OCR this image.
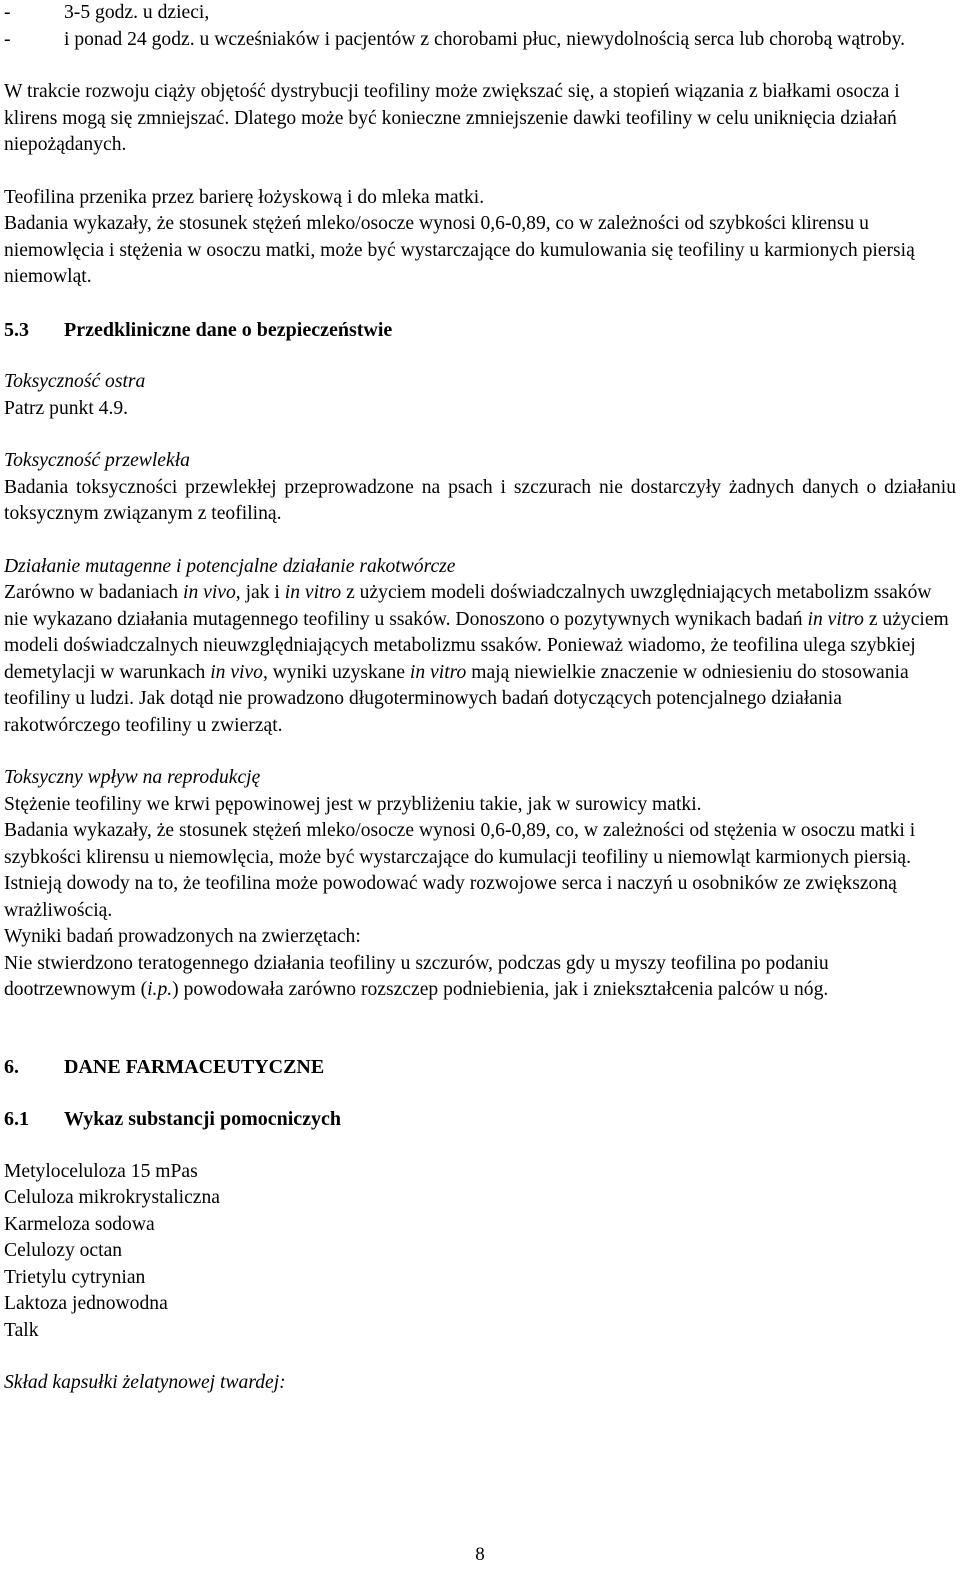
-	3-5 godz. u dzieci,
-	i ponad 24 godz. u wcześniaków i pacjentów z chorobami płuc, niewydolnością serca lub chorobą wątroby.

W trakcie rozwoju ciąży objętość dystrybucji teofiliny może zwiększać się, a stopień wiązania z białkami osocza i klirens mogą się zmniejszać. Dlatego może być konieczne zmniejszenie dawki teofiliny w celu uniknięcia działań niepożądanych.

Teofilina przenika przez barierę łożyskową i do mleka matki.

Badania wykazały, że stosunek stężeń mleko/osocze wynosi 0,6-0,89, co w zależności od szybkości klirensu u niemowlęcia i stężenia w osoczu matki, może być wystarczające do kumulowania się teofiliny u karmionych piersią niemowląt.

5.3 Przedkliniczne dane o bezpieczeństwie

Toksyczność ostra

Patrz punkt 4.9.

Toksyczność przewlekła

Badania toksyczności przewlekłej przeprowadzone na psach i szczurach nie dostarczyły żadnych danych o działaniu toksycznym związanym z teofiliną.

Działanie mutagenne i potencjalne działanie rakotwórcze

Zarówno w badaniach in vivo, jak i in vitro z użyciem modeli doświadczalnych uwzględniających metabolizm ssaków nie wykazano działania mutagennego teofiliny u ssaków. Donoszono o pozytywnych wynikach badań in vitro z użyciem modeli doświadczalnych nieuwzględniających metabolizmu ssaków. Ponieważ wiadomo, że teofilina ulega szybkiej demetylacji w warunkach in vivo, wyniki uzyskane in vitro mają niewielkie znaczenie w odniesieniu do stosowania teofiliny u ludzi. Jak dotąd nie prowadzono długoterminowych badań dotyczących potencjalnego działania rakotwórczego teofiliny u zwierząt.

Toksyczny wpływ na reprodukcję

Stężenie teofiliny we krwi pępowinowej jest w przybliżeniu takie, jak w surowicy matki.

Badania wykazały, że stosunek stężeń mleko/osocze wynosi 0,6-0,89, co, w zależności od stężenia w osoczu matki i szybkości klirensu u niemowlęcia, może być wystarczające do kumulacji teofiliny u niemowląt karmionych piersią.

Istnieją dowody na to, że teofilina może powodować wady rozwojowe serca i naczyń u osobników ze zwiększoną wrażliwością.

Wyniki badań prowadzonych na zwierzętach:

Nie stwierdzono teratogennego działania teofiliny u szczurów, podczas gdy u myszy teofilina po podaniu dootrzewnowym (i.p.) powodowała zarówno rozszczep podniebienia, jak i zniekształcenia palców u nóg.

6. DANE FARMACEUTYCZNE

6.1 Wykaz substancji pomocniczych

Metyloceluloza 15 mPas

Celuloza mikrokrystaliczna

Karmeloza sodowa

Celulozy octan

Trietylu cytrynian

Laktoza jednowodna

Talk

Skład kapsułki żelatynowej twardej:

8
